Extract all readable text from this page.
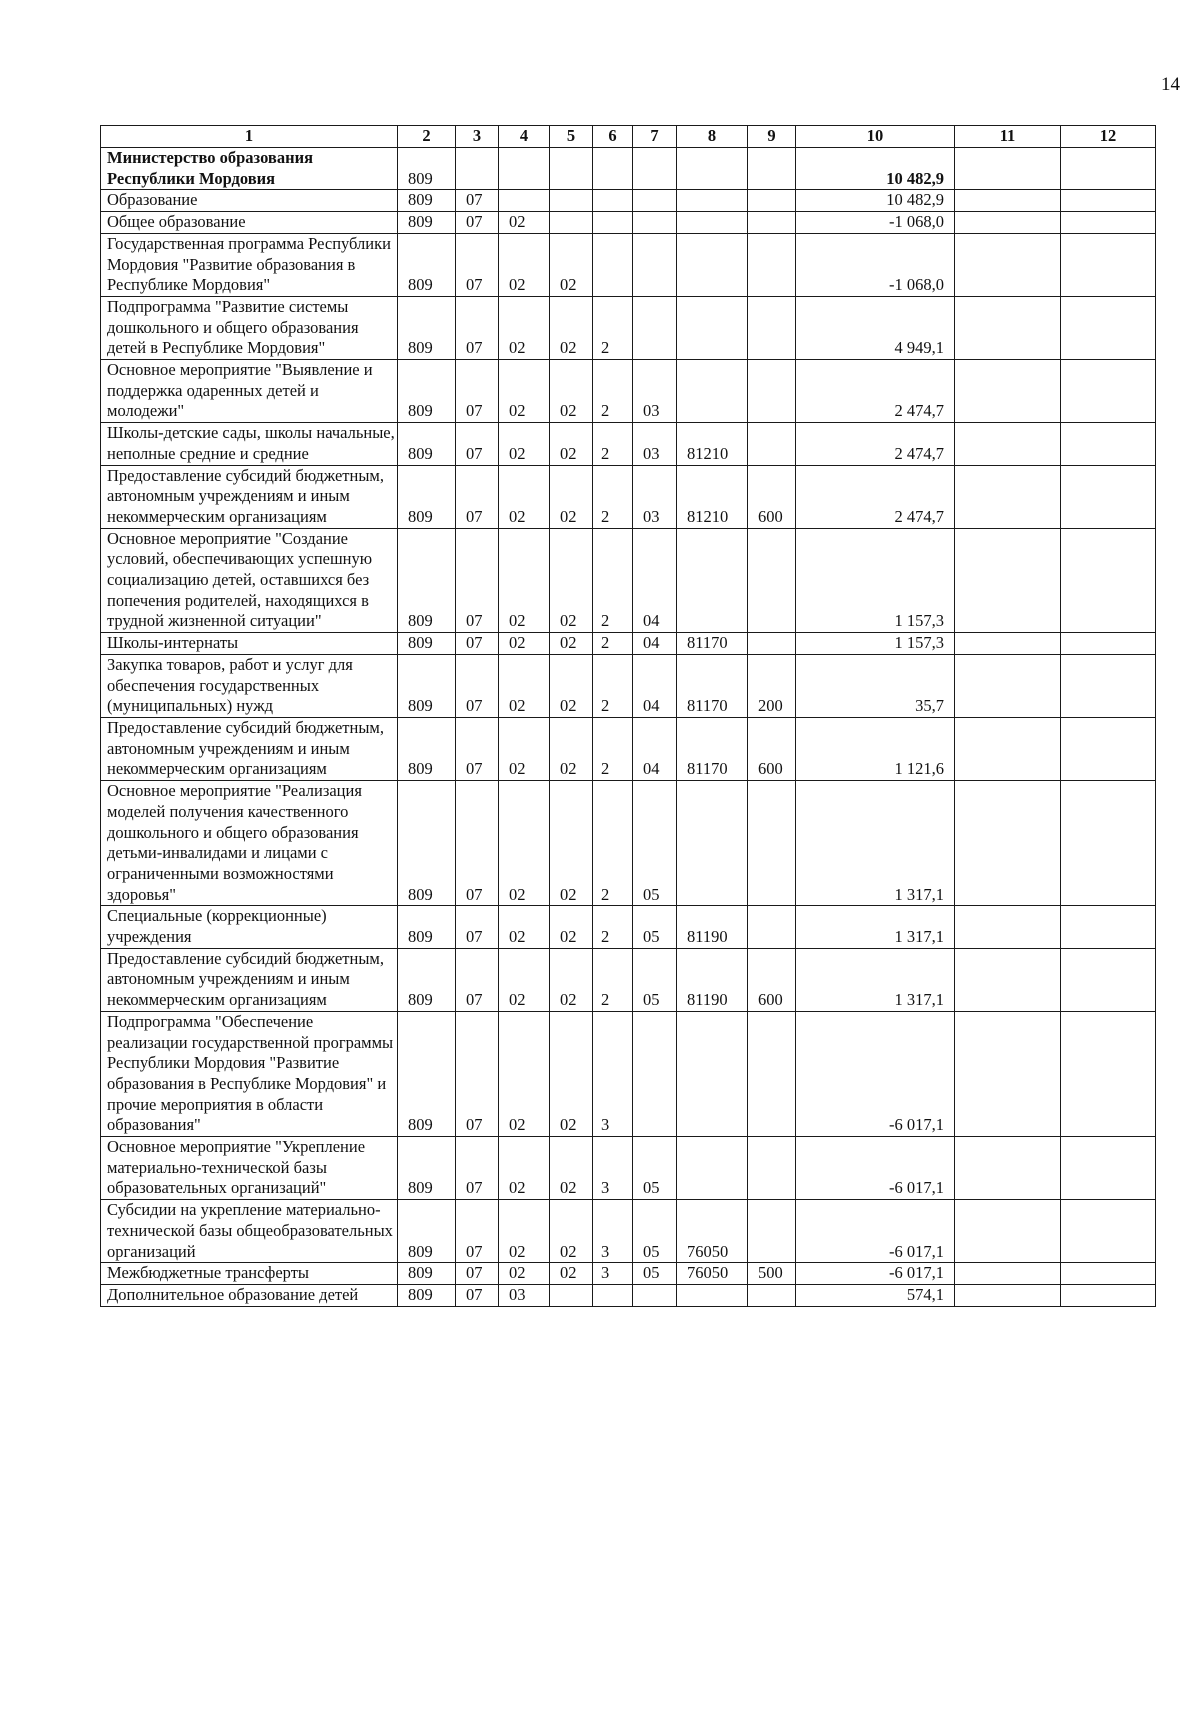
14
1	2	3	4	5	6	7	8	9	10	11	12
Министерство образования Республики Мордовия	809								10 482,9		
Образование	809	07							10 482,9		
Общее образование	809	07	02						-1 068,0		
Государственная программа Республики Мордовия "Развитие образования в Республике Мордовия"	809	07	02	02					-1 068,0		
Подпрограмма "Развитие системы дошкольного и общего образования детей в Республике Мордовия"	809	07	02	02	2				4 949,1		
Основное мероприятие "Выявление и поддержка одаренных детей и молодежи"	809	07	02	02	2	03			2 474,7		
Школы-детские сады, школы начальные, неполные средние и средние	809	07	02	02	2	03	81210		2 474,7		
Предоставление субсидий бюджетным, автономным учреждениям и иным некоммерческим организациям	809	07	02	02	2	03	81210	600	2 474,7		
Основное мероприятие "Создание условий, обеспечивающих успешную социализацию детей, оставшихся без попечения родителей, находящихся в трудной жизненной ситуации"	809	07	02	02	2	04			1 157,3		
Школы-интернаты	809	07	02	02	2	04	81170		1 157,3		
Закупка товаров, работ и услуг для обеспечения государственных (муниципальных) нужд	809	07	02	02	2	04	81170	200	35,7		
Предоставление субсидий бюджетным, автономным учреждениям и иным некоммерческим организациям	809	07	02	02	2	04	81170	600	1 121,6		
Основное мероприятие "Реализация моделей получения качественного дошкольного и общего образования детьми-инвалидами и лицами с ограниченными возможностями здоровья"	809	07	02	02	2	05			1 317,1		
Специальные (коррекционные) учреждения	809	07	02	02	2	05	81190		1 317,1		
Предоставление субсидий бюджетным, автономным учреждениям и иным некоммерческим организациям	809	07	02	02	2	05	81190	600	1 317,1		
Подпрограмма "Обеспечение реализации государственной программы Республики Мордовия "Развитие образования в Республике Мордовия" и прочие мероприятия в области образования"	809	07	02	02	3				-6 017,1		
Основное мероприятие "Укрепление материально-технической базы образовательных организаций"	809	07	02	02	3	05			-6 017,1		
Субсидии на укрепление материально-технической базы общеобразовательных организаций	809	07	02	02	3	05	76050		-6 017,1		
Межбюджетные трансферты	809	07	02	02	3	05	76050	500	-6 017,1		
Дополнительное образование детей	809	07	03						574,1		
